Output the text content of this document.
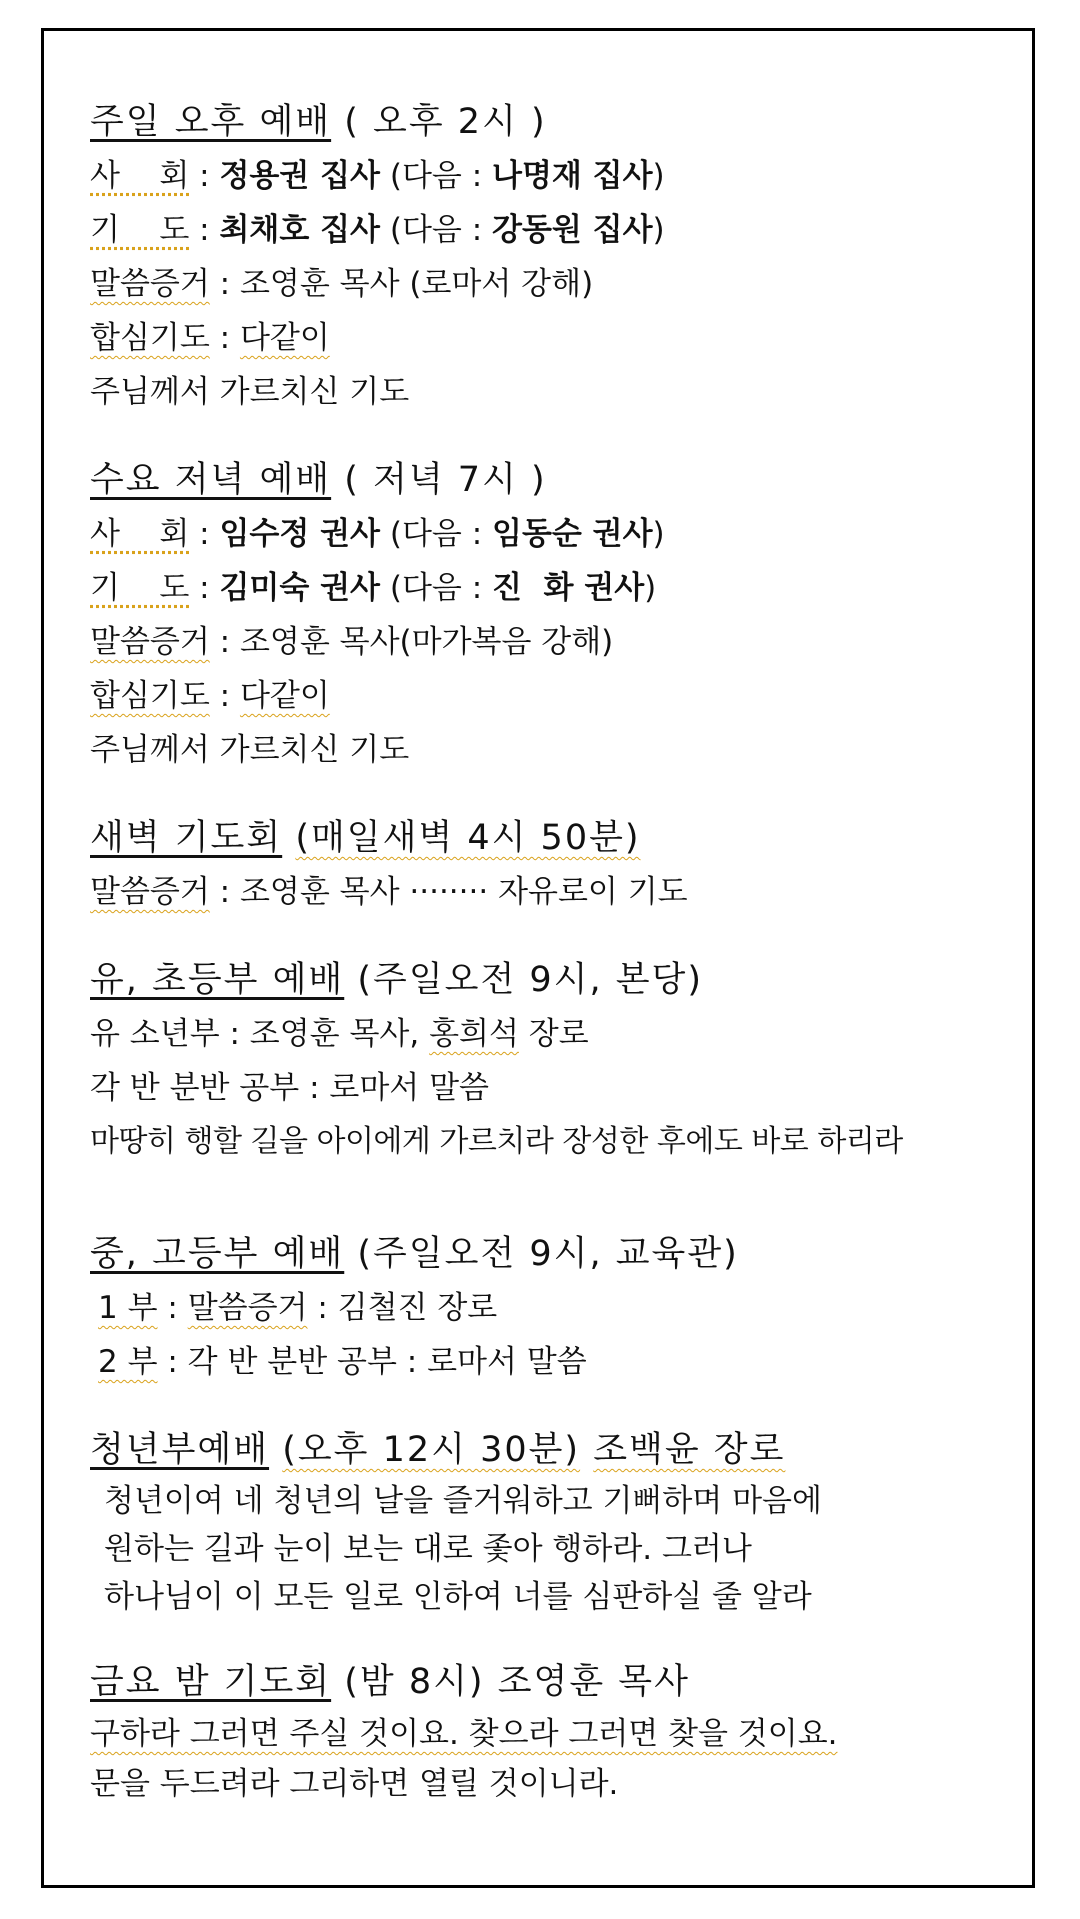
주일 오후 예배 ( 오후 2시 )
사    회 : 정용권 집사 (다음 : 나명재 집사)
기    도 : 최채호 집사 (다음 : 강동원 집사)
말씀증거 : 조영훈 목사 (로마서 강해)
합심기도 : 다같이
주님께서 가르치신 기도
수요 저녁 예배 ( 저녁 7시 )
사    회 : 임수정 권사 (다음 : 임동순 권사)
기    도 : 김미숙 권사 (다음 : 진  화 권사)
말씀증거 : 조영훈 목사(마가복음 강해)
합심기도 : 다같이
주님께서 가르치신 기도
새벽 기도회 (매일새벽 4시 50분)
말씀증거 : 조영훈 목사 ········ 자유로이 기도
유, 초등부 예배 (주일오전 9시, 본당)
유 소년부 : 조영훈 목사, 홍희석 장로
각 반 분반 공부 : 로마서 말씀
마땅히 행할 길을 아이에게 가르치라 장성한 후에도 바로 하리라
중, 고등부 예배 (주일오전 9시, 교육관)
1 부 : 말씀증거 : 김철진 장로
2 부 : 각 반 분반 공부 : 로마서 말씀
청년부예배 (오후 12시 30분) 조백윤 장로
청년이여 네 청년의 날을 즐거워하고 기뻐하며 마음에
원하는 길과 눈이 보는 대로 좇아 행하라. 그러나
하나님이 이 모든 일로 인하여 너를 심판하실 줄 알라
금요 밤 기도회 (밤 8시) 조영훈 목사
구하라 그러면 주실 것이요. 찾으라 그러면 찾을 것이요.
문을 두드려라 그리하면 열릴 것이니라.
